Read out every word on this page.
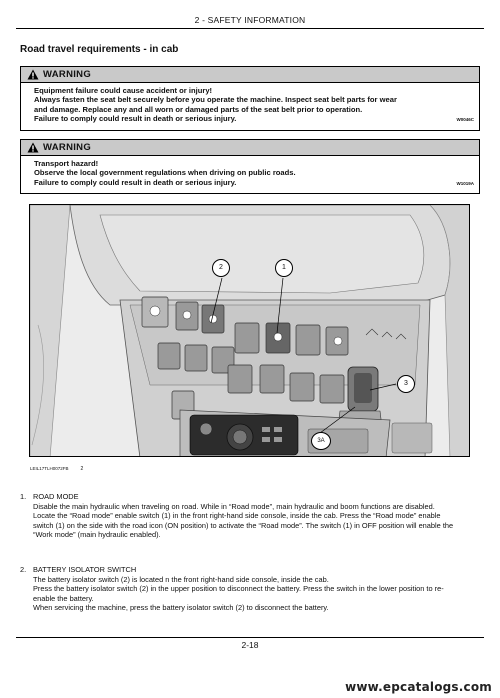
2 - SAFETY INFORMATION
Road travel requirements - in cab
WARNING
Equipment failure could cause accident or injury!
Always fasten the seat belt securely before you operate the machine. Inspect seat belt parts for wear
and damage. Replace any and all worn or damaged parts of the seat belt prior to operation.
Failure to comply could result in death or serious injury.	W0046C
WARNING
Transport hazard!
Observe the local government regulations when driving on public roads.
Failure to comply could result in death or serious injury.	W1019A
2	1
3
3A
LEIL17TLH0072FB 2
1. ROAD MODE
Disable the main hydraulic when traveling on road. While in “Road mode”, main hydraulic and boom functions are disabled.
Locate the “Road mode” enable switch (1) in the front right-hand side console, inside the cab. Press the “Road mode” enable switch (1) on the side with the road icon (ON position) to activate the “Road mode”. The switch (1) in OFF position will enable the “Work mode” (main hydraulic enabled).
2. BATTERY ISOLATOR SWITCH
The battery isolator switch (2) is located n the front right-hand side console, inside the cab.
Press the battery isolator switch (2) in the upper position to disconnect the battery. Press the switch in the lower position to re-enable the battery.
When servicing the machine, press the battery isolator switch (2) to disconnect the battery.
2-18
www.epcatalogs.com
